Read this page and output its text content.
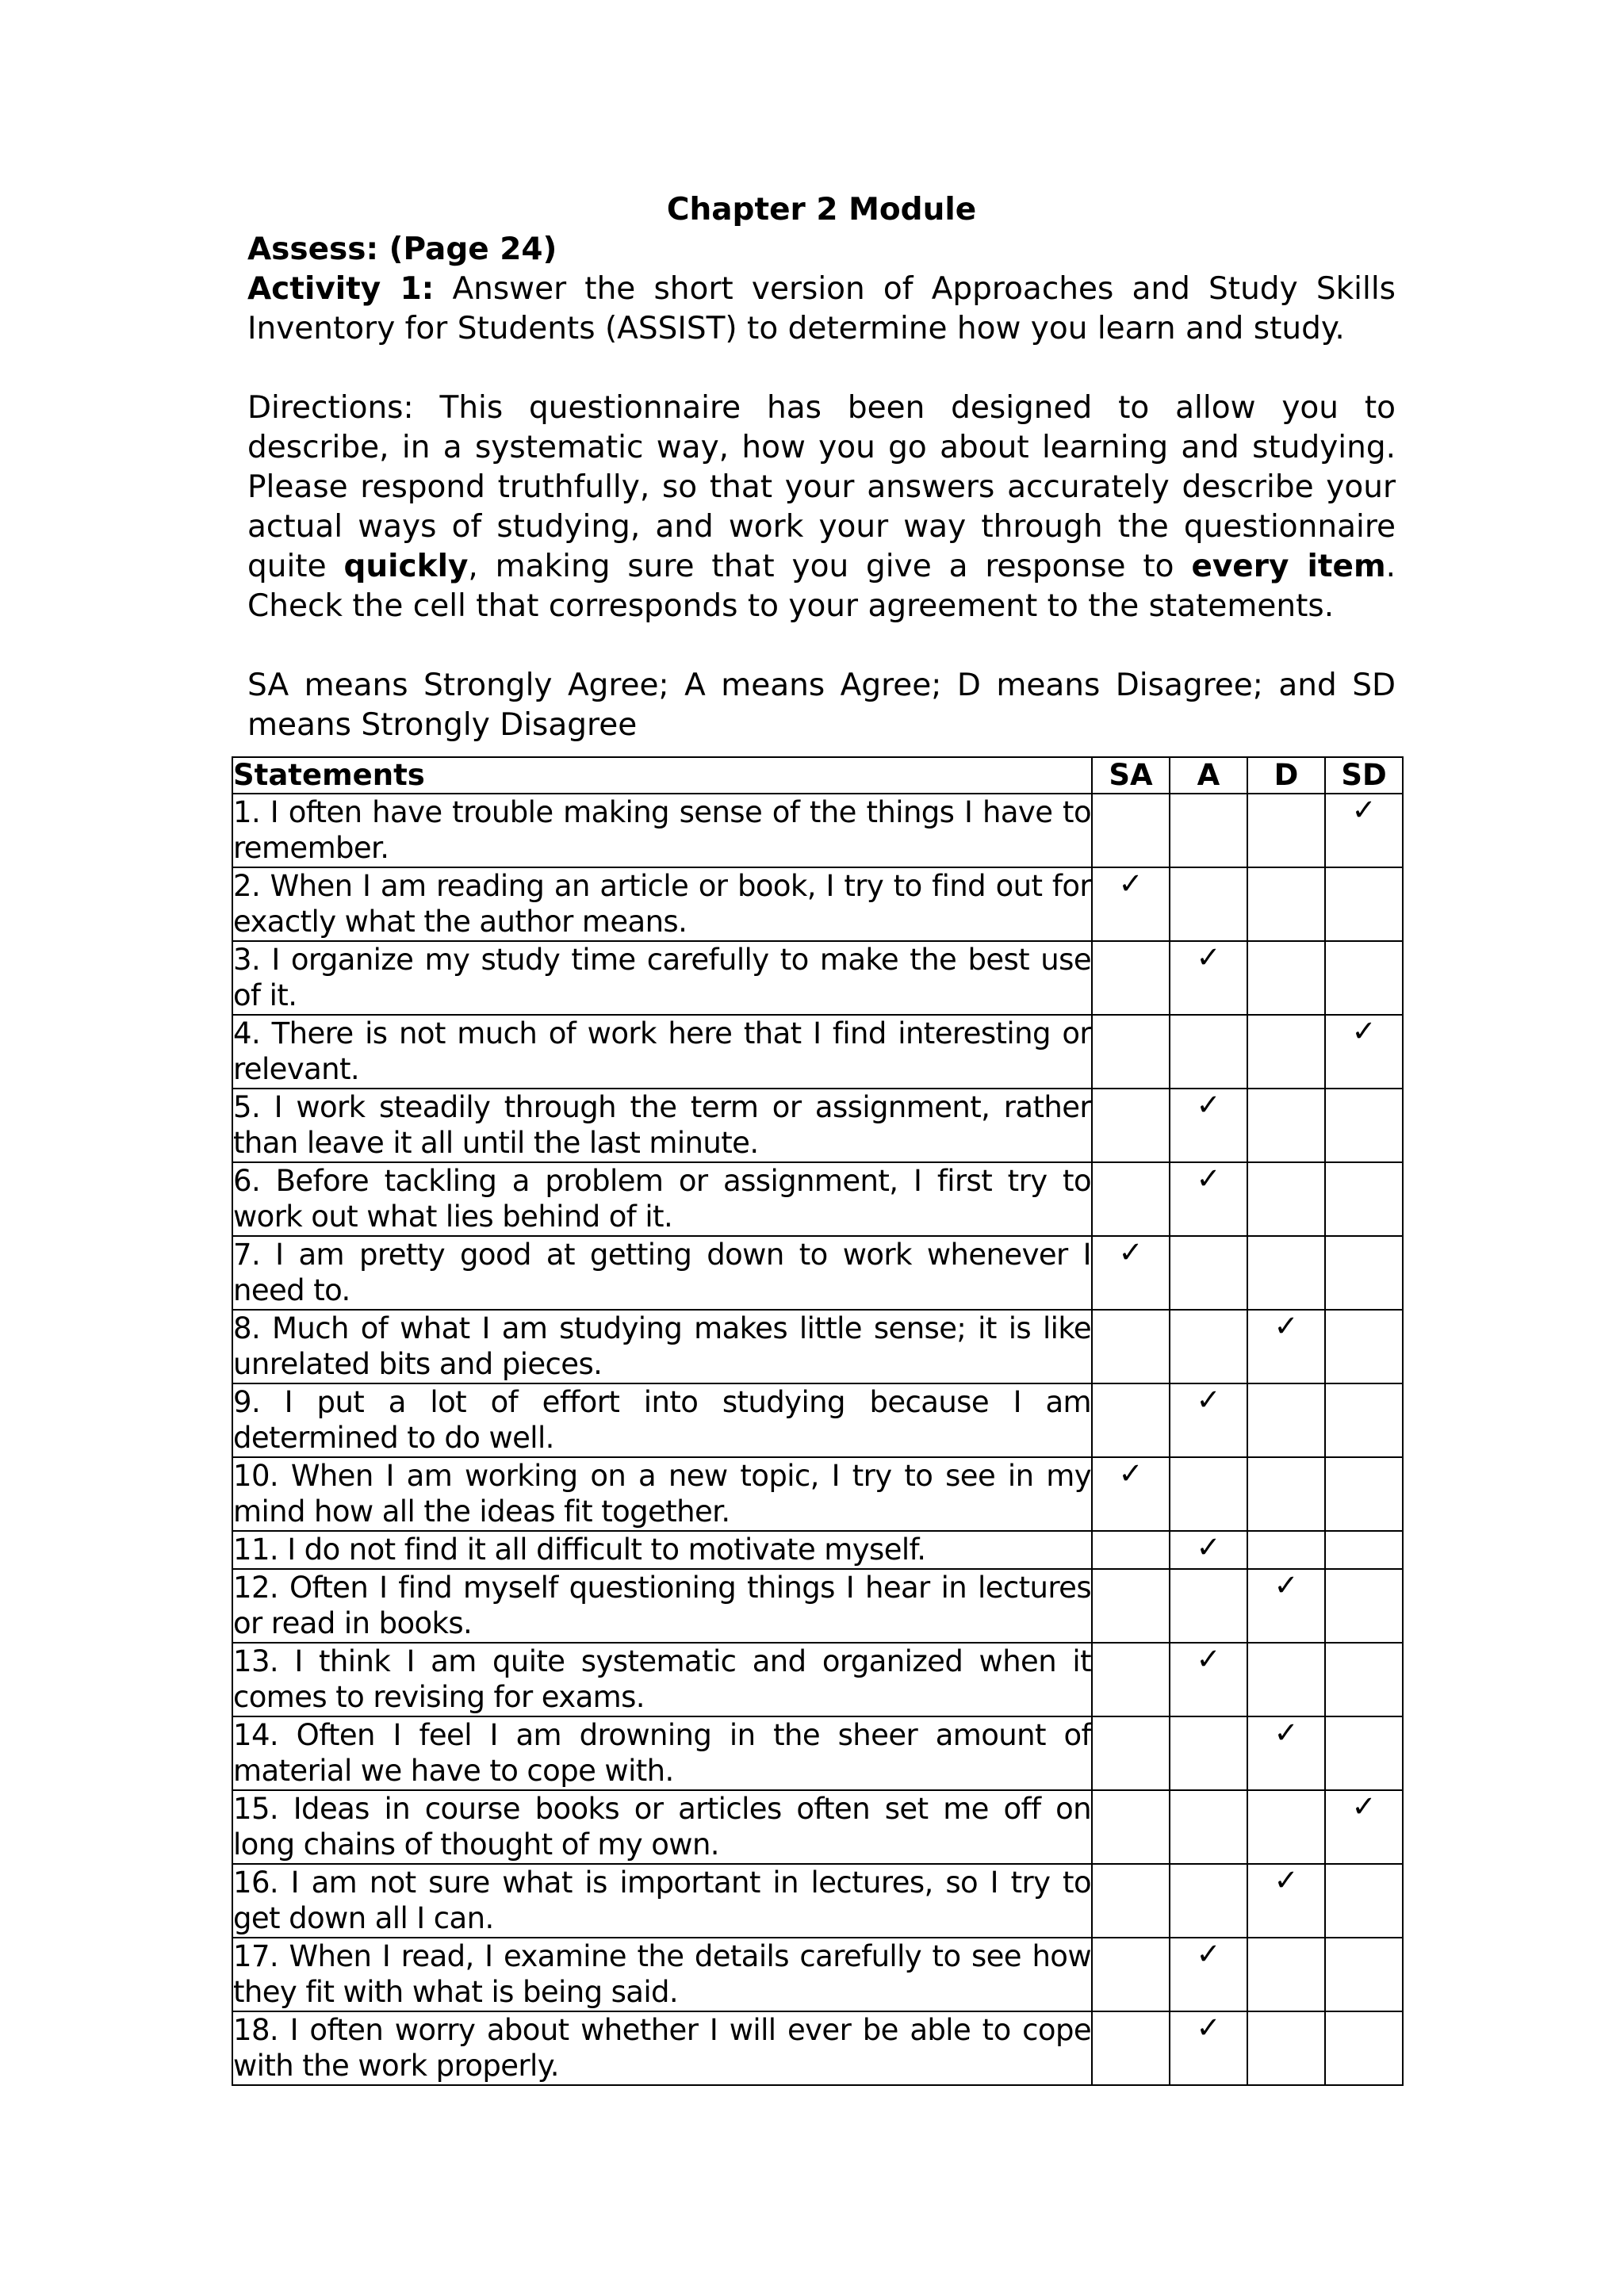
Chapter 2 Module

Assess: (Page 24)

Activity 1: Answer the short version of Approaches and Study Skills Inventory for Students (ASSIST) to determine how you learn and study.

Directions: This questionnaire has been designed to allow you to describe, in a systematic way, how you go about learning and studying. Please respond truthfully, so that your answers accurately describe your actual ways of studying, and work your way through the questionnaire quite quickly, making sure that you give a response to every item. Check the cell that corresponds to your agreement to the statements.

SA means Strongly Agree; A means Agree; D means Disagree; and SD means Strongly Disagree

Statements	SA	A	D	SD
1. I often have trouble making sense of the things I have to remember.				✓
2. When I am reading an article or book, I try to find out for exactly what the author means.	✓			
3. I organize my study time carefully to make the best use of it.		✓		
4. There is not much of work here that I find interesting or relevant.				✓
5. I work steadily through the term or assignment, rather than leave it all until the last minute.		✓		
6. Before tackling a problem or assignment, I first try to work out what lies behind of it.		✓		
7. I am pretty good at getting down to work whenever I need to.	✓			
8. Much of what I am studying makes little sense; it is like unrelated bits and pieces.			✓	
9. I put a lot of effort into studying because I am determined to do well.		✓		
10. When I am working on a new topic, I try to see in my mind how all the ideas fit together.	✓			
11. I do not find it all difficult to motivate myself.		✓		
12. Often I find myself questioning things I hear in lectures or read in books.			✓	
13. I think I am quite systematic and organized when it comes to revising for exams.		✓		
14. Often I feel I am drowning in the sheer amount of material we have to cope with.			✓	
15. Ideas in course books or articles often set me off on long chains of thought of my own.				✓
16. I am not sure what is important in lectures, so I try to get down all I can.			✓	
17. When I read, I examine the details carefully to see how they fit with what is being said.		✓		
18. I often worry about whether I will ever be able to cope with the work properly.		✓		
